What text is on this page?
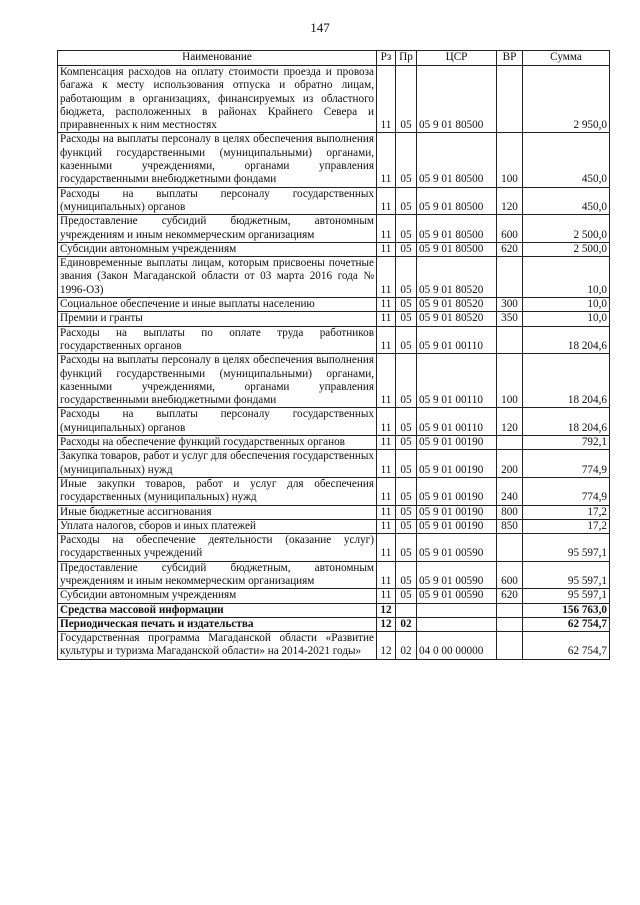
147
Наименование	Рз	Пр	ЦСР	ВР	Сумма
Компенсация расходов на оплату стоимости проезда и провоза багажа к месту использования отпуска и обратно лицам, работающим в организациях, финансируемых из областного бюджета, расположенных в районах Крайнего Севера и приравненных к ним местностях	11	05	05 9 01 80500		2 950,0
Расходы на выплаты персоналу в целях обеспечения выполнения функций государственными (муниципальными) органами, казенными учреждениями, органами управления государственными внебюджетными фондами	11	05	05 9 01 80500	100	450,0
Расходы на выплаты персоналу государственных (муниципальных) органов	11	05	05 9 01 80500	120	450,0
Предоставление субсидий бюджетным, автономным учреждениям и иным некоммерческим организациям	11	05	05 9 01 80500	600	2 500,0
Субсидии автономным учреждениям	11	05	05 9 01 80500	620	2 500,0
Единовременные выплаты лицам, которым присвоены почетные звания (Закон Магаданской области от 03 марта 2016 года № 1996-ОЗ)	11	05	05 9 01 80520		10,0
Социальное обеспечение и иные выплаты населению	11	05	05 9 01 80520	300	10,0
Премии и гранты	11	05	05 9 01 80520	350	10,0
Расходы на выплаты по оплате труда работников государственных органов	11	05	05 9 01 00110		18 204,6
Расходы на выплаты персоналу в целях обеспечения выполнения функций государственными (муниципальными) органами, казенными учреждениями, органами управления государственными внебюджетными фондами	11	05	05 9 01 00110	100	18 204,6
Расходы на выплаты персоналу государственных (муниципальных) органов	11	05	05 9 01 00110	120	18 204,6
Расходы на обеспечение функций государственных органов	11	05	05 9 01 00190		792,1
Закупка товаров, работ и услуг для обеспечения государственных (муниципальных) нужд	11	05	05 9 01 00190	200	774,9
Иные закупки товаров, работ и услуг для обеспечения государственных (муниципальных) нужд	11	05	05 9 01 00190	240	774,9
Иные бюджетные ассигнования	11	05	05 9 01 00190	800	17,2
Уплата налогов, сборов и иных платежей	11	05	05 9 01 00190	850	17,2
Расходы на обеспечение деятельности (оказание услуг) государственных учреждений	11	05	05 9 01 00590		95 597,1
Предоставление субсидий бюджетным, автономным учреждениям и иным некоммерческим организациям	11	05	05 9 01 00590	600	95 597,1
Субсидии автономным учреждениям	11	05	05 9 01 00590	620	95 597,1
Средства массовой информации	12				156 763,0
Периодическая печать и издательства	12	02			62 754,7
Государственная программа Магаданской области «Развитие культуры и туризма Магаданской области» на 2014-2021 годы»	12	02	04 0 00 00000		62 754,7
